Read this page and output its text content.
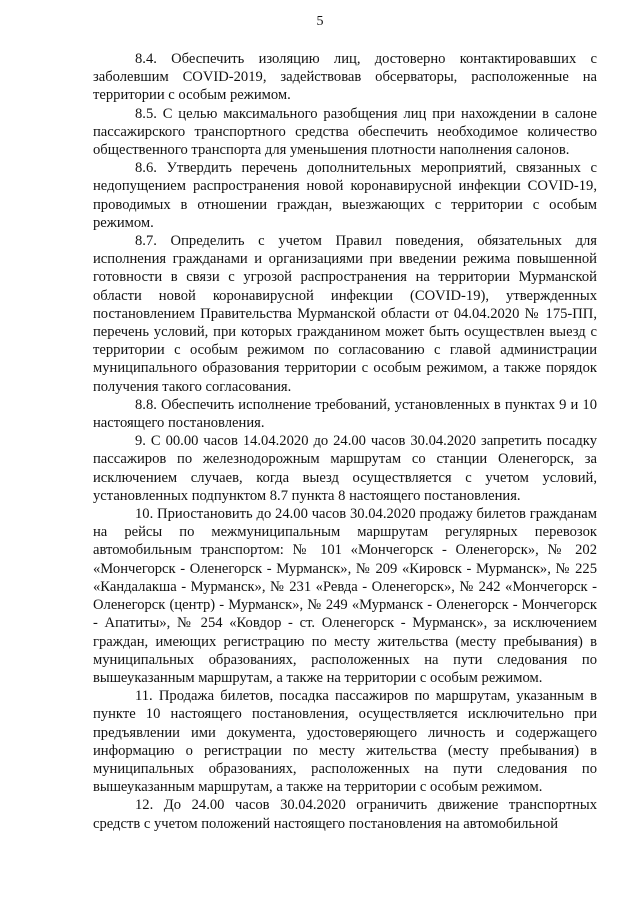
5

8.4. Обеспечить изоляцию лиц, достоверно контактировавших с заболевшим COVID-2019, задействовав обсерваторы, расположенные на территории с особым режимом.

8.5. С целью максимального разобщения лиц при нахождении в салоне пассажирского транспортного средства обеспечить необходимое количество общественного транспорта для уменьшения плотности наполнения салонов.

8.6. Утвердить перечень дополнительных мероприятий, связанных с недопущением распространения новой коронавирусной инфекции COVID-19, проводимых в отношении граждан, выезжающих с территории с особым режимом.

8.7. Определить с учетом Правил поведения, обязательных для исполнения гражданами и организациями при введении режима повышенной готовности в связи с угрозой распространения на территории Мурманской области новой коронавирусной инфекции (COVID-19), утвержденных постановлением Правительства Мурманской области от 04.04.2020 № 175-ПП, перечень условий, при которых гражданином может быть осуществлен выезд с территории с особым режимом по согласованию с главой администрации муниципального образования территории с особым режимом, а также порядок получения такого согласования.

8.8. Обеспечить исполнение требований, установленных в пунктах 9 и 10 настоящего постановления.

9. С 00.00 часов 14.04.2020 до 24.00 часов 30.04.2020 запретить посадку пассажиров по железнодорожным маршрутам со станции Оленегорск, за исключением случаев, когда выезд осуществляется с учетом условий, установленных подпунктом 8.7 пункта 8 настоящего постановления.

10. Приостановить до 24.00 часов 30.04.2020 продажу билетов гражданам на рейсы по межмуниципальным маршрутам регулярных перевозок автомобильным транспортом: № 101 «Мончегорск - Оленегорск», № 202 «Мончегорск - Оленегорск - Мурманск», № 209 «Кировск - Мурманск», № 225 «Кандалакша - Мурманск», № 231 «Ревда - Оленегорск», № 242 «Мончегорск - Оленегорск (центр) - Мурманск», № 249 «Мурманск - Оленегорск - Мончегорск - Апатиты», № 254 «Ковдор - ст. Оленегорск - Мурманск», за исключением граждан, имеющих регистрацию по месту жительства (месту пребывания) в муниципальных образованиях, расположенных на пути следования по вышеуказанным маршрутам, а также на территории с особым режимом.

11. Продажа билетов, посадка пассажиров по маршрутам, указанным в пункте 10 настоящего постановления, осуществляется исключительно при предъявлении ими документа, удостоверяющего личность и содержащего информацию о регистрации по месту жительства (месту пребывания) в муниципальных образованиях, расположенных на пути следования по вышеуказанным маршрутам, а также на территории с особым режимом.

12. До 24.00 часов 30.04.2020 ограничить движение транспортных средств с учетом положений настоящего постановления на автомобильной
